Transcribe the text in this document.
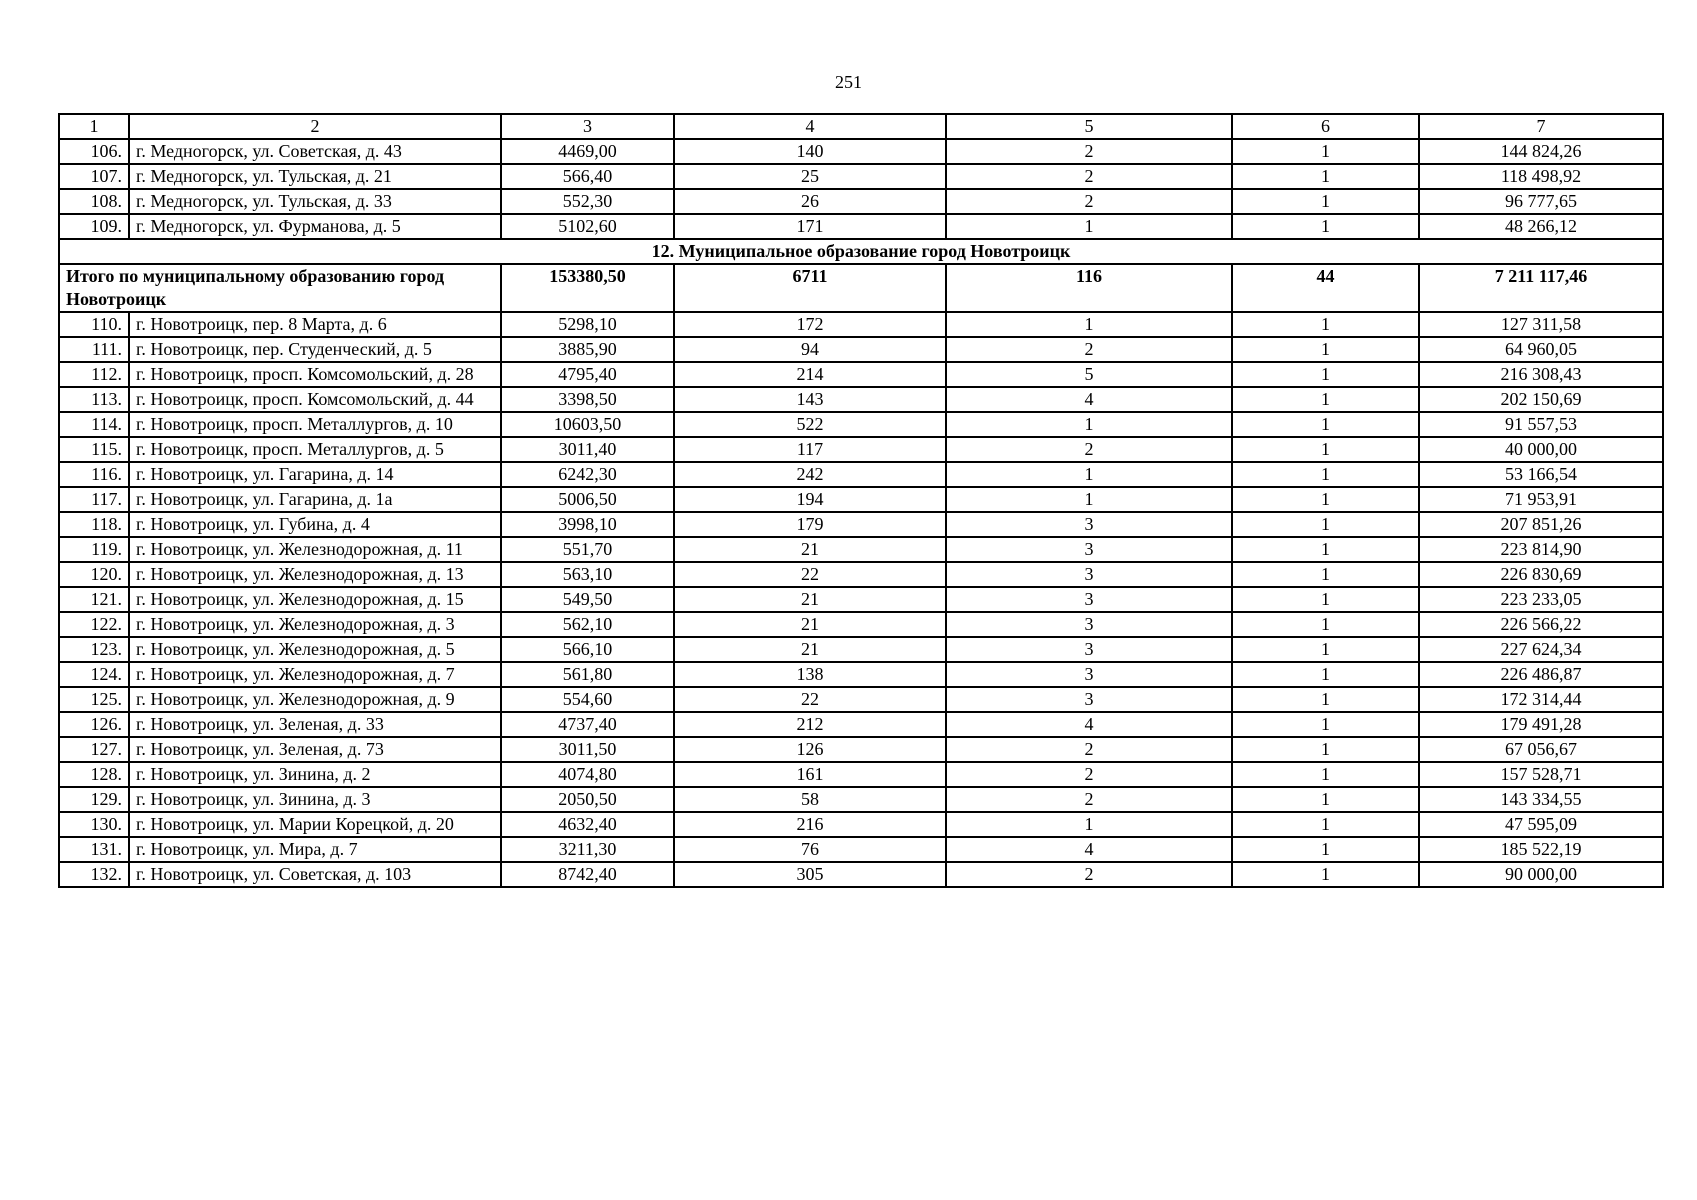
251
1	2	3	4	5	6	7
106.	г. Медногорск, ул. Советская, д. 43	4469,00	140	2	1	144 824,26
107.	г. Медногорск, ул. Тульская, д. 21	566,40	25	2	1	118 498,92
108.	г. Медногорск, ул. Тульская, д. 33	552,30	26	2	1	96 777,65
109.	г. Медногорск, ул. Фурманова, д. 5	5102,60	171	1	1	48 266,12
12. Муниципальное образование город Новотроицк						
Итого по муниципальному образованию город Новотроицк		153380,50	6711	116	44	7 211 117,46
110.	г. Новотроицк, пер. 8 Марта, д. 6	5298,10	172	1	1	127 311,58
111.	г. Новотроицк, пер. Студенческий, д. 5	3885,90	94	2	1	64 960,05
112.	г. Новотроицк, просп. Комсомольский, д. 28	4795,40	214	5	1	216 308,43
113.	г. Новотроицк, просп. Комсомольский, д. 44	3398,50	143	4	1	202 150,69
114.	г. Новотроицк, просп. Металлургов, д. 10	10603,50	522	1	1	91 557,53
115.	г. Новотроицк, просп. Металлургов, д. 5	3011,40	117	2	1	40 000,00
116.	г. Новотроицк, ул. Гагарина, д. 14	6242,30	242	1	1	53 166,54
117.	г. Новотроицк, ул. Гагарина, д. 1а	5006,50	194	1	1	71 953,91
118.	г. Новотроицк, ул. Губина, д. 4	3998,10	179	3	1	207 851,26
119.	г. Новотроицк, ул. Железнодорожная, д. 11	551,70	21	3	1	223 814,90
120.	г. Новотроицк, ул. Железнодорожная, д. 13	563,10	22	3	1	226 830,69
121.	г. Новотроицк, ул. Железнодорожная, д. 15	549,50	21	3	1	223 233,05
122.	г. Новотроицк, ул. Железнодорожная, д. 3	562,10	21	3	1	226 566,22
123.	г. Новотроицк, ул. Железнодорожная, д. 5	566,10	21	3	1	227 624,34
124.	г. Новотроицк, ул. Железнодорожная, д. 7	561,80	138	3	1	226 486,87
125.	г. Новотроицк, ул. Железнодорожная, д. 9	554,60	22	3	1	172 314,44
126.	г. Новотроицк, ул. Зеленая, д. 33	4737,40	212	4	1	179 491,28
127.	г. Новотроицк, ул. Зеленая, д. 73	3011,50	126	2	1	67 056,67
128.	г. Новотроицк, ул. Зинина, д. 2	4074,80	161	2	1	157 528,71
129.	г. Новотроицк, ул. Зинина, д. 3	2050,50	58	2	1	143 334,55
130.	г. Новотроицк, ул. Марии Корецкой, д. 20	4632,40	216	1	1	47 595,09
131.	г. Новотроицк, ул. Мира, д. 7	3211,30	76	4	1	185 522,19
132.	г. Новотроицк, ул. Советская, д. 103	8742,40	305	2	1	90 000,00
